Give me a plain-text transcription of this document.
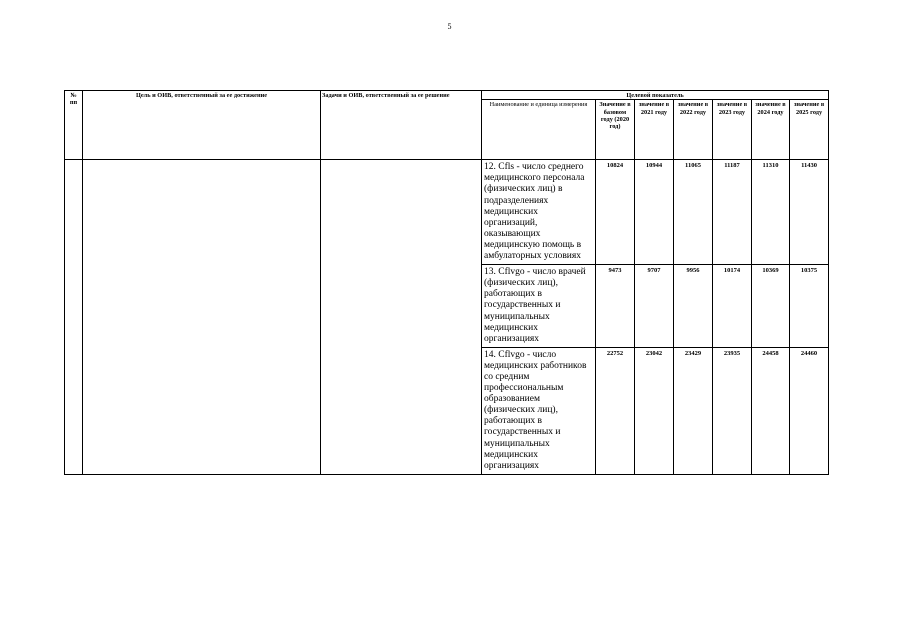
5
№ пп	Цель и ОИВ, ответственный за ее достижение	Задачи и ОИВ, ответственный за ее решение	Целевой показатель						
			Наименование и единица измерения	Значение в базовом году (2020 год)	значение в 2021 году	значение в 2022 году	значение в 2023 году	значение в 2024 году	значение в 2025 году
			12. Cfls - число среднего медицинского персонала (физических лиц) в подразделениях медицинских организаций, оказывающих медицинскую помощь в амбулаторных условиях	10824	10944	11065	11187	11310	11430
			13. Cflvgo - число врачей (физических лиц), работающих в государственных и муниципальных медицинских организациях	9473	9707	9956	10174	10369	10375
			14. Cflvgo - число медицинских работников со средним профессиональным образованием (физических лиц), работающих в государственных и муниципальных медицинских организациях	22752	23042	23429	23935	24458	24460
